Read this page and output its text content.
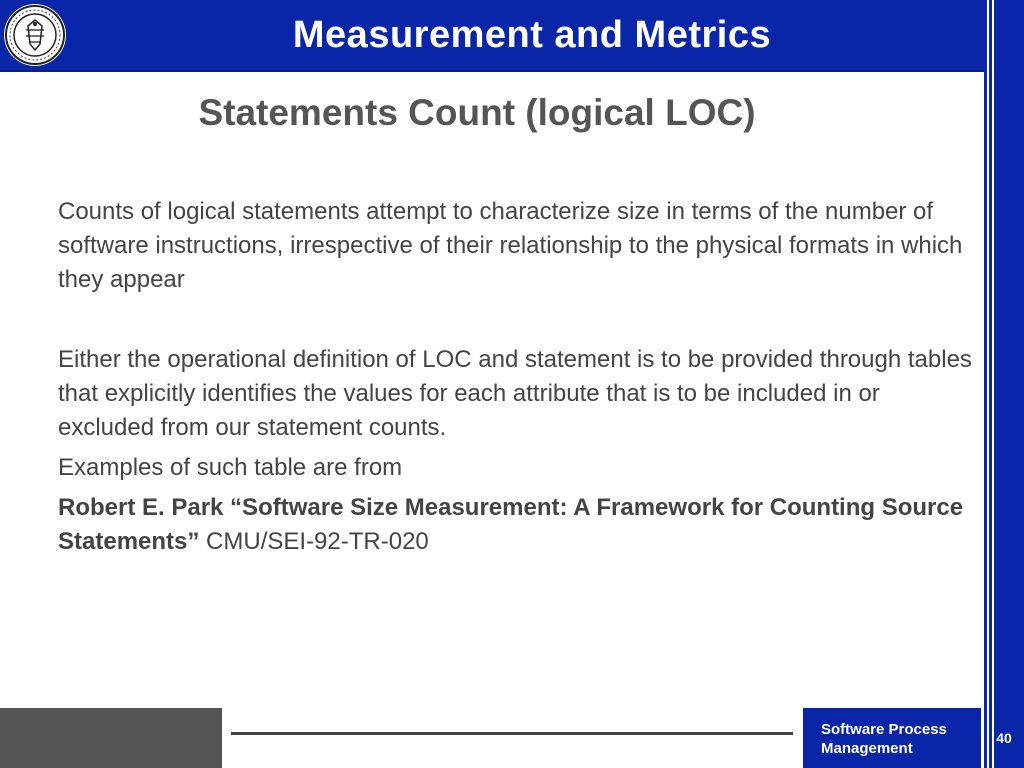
Measurement and Metrics
Statements Count (logical LOC)

Counts of logical statements attempt to characterize size in terms of the number of software instructions, irrespective of their relationship to the physical formats in which they appear

Either the operational definition of LOC and statement is to be provided through tables that explicitly identifies the values for each attribute that is to be included in or excluded from our statement counts.

Examples of such table are from

Robert E. Park “Software Size Measurement: A Framework for Counting Source Statements” CMU/SEI-92-TR-020

Software Process
Management
40
